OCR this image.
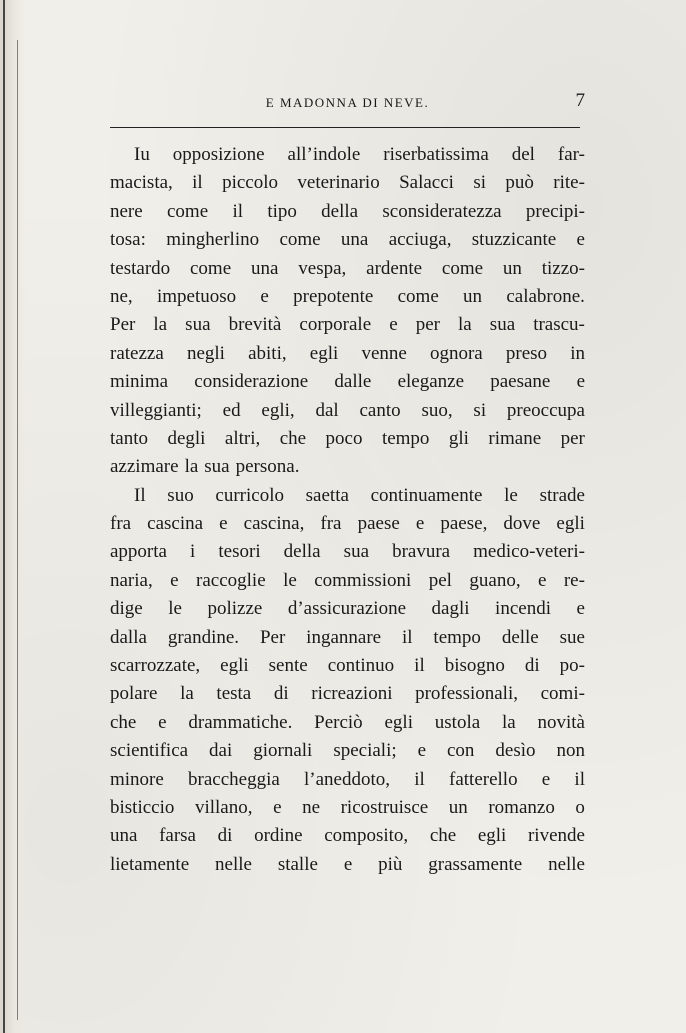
E MADONNA DI NEVE.	7
Iu opposizione all’indole riserbatissima del far-
macista, il piccolo veterinario Salacci si può rite-
nere come il tipo della sconsideratezza precipi-
tosa: mingherlino come una acciuga, stuzzicante e
testardo come una vespa, ardente come un tizzo-
ne, impetuoso e prepotente come un calabrone.
Per la sua brevità corporale e per la sua trascu-
ratezza negli abiti, egli venne ognora preso in
minima considerazione dalle eleganze paesane e
villeggianti; ed egli, dal canto suo, si preoccupa
tanto degli altri, che poco tempo gli rimane per
azzimare la sua persona.
Il suo curricolo saetta continuamente le strade
fra cascina e cascina, fra paese e paese, dove egli
apporta i tesori della sua bravura medico-veteri-
naria, e raccoglie le commissioni pel guano, e re-
dige le polizze d’assicurazione dagli incendi e
dalla grandine. Per ingannare il tempo delle sue
scarrozzate, egli sente continuo il bisogno di po-
polare la testa di ricreazioni professionali, comi-
che e drammatiche. Perciò egli ustola la novità
scientifica dai giornali speciali; e con desìo non
minore braccheggia l’aneddoto, il fatterello e il
bisticcio villano, e ne ricostruisce un romanzo o
una farsa di ordine composito, che egli rivende
lietamente nelle stalle e più grassamente nelle
